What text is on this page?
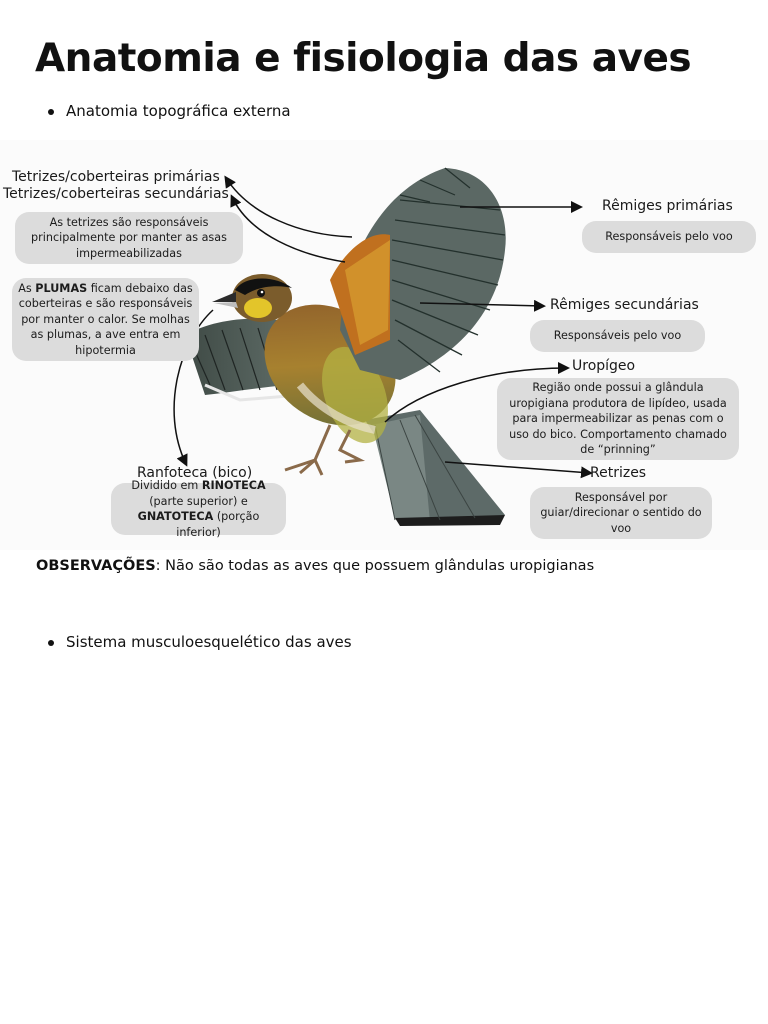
Anatomia e fisiologia das aves
Anatomia topográfica externa
Tetrizes/coberteiras primárias
Tetrizes/coberteiras secundárias
As tetrizes são responsáveis principalmente por manter as asas impermeabilizadas
As PLUMAS ficam debaixo das coberteiras e são responsáveis por manter o calor. Se molhas as plumas, a ave entra em hipotermia
Rêmiges primárias
Responsáveis pelo voo
Rêmiges secundárias
Responsáveis pelo voo
Uropígeo
Região onde possui a glândula uropigiana produtora de lipídeo, usada para impermeabilizar as penas com o uso do bico. Comportamento chamado de “prinning”
Ranfoteca (bico)
Dividido em RINOTECA (parte superior) e GNATOTECA (porção inferior)
Retrizes
Responsável por guiar/direcionar o sentido do voo
OBSERVAÇÕES: Não são todas as aves que possuem glândulas uropigianas
Sistema musculoesquelético das aves
